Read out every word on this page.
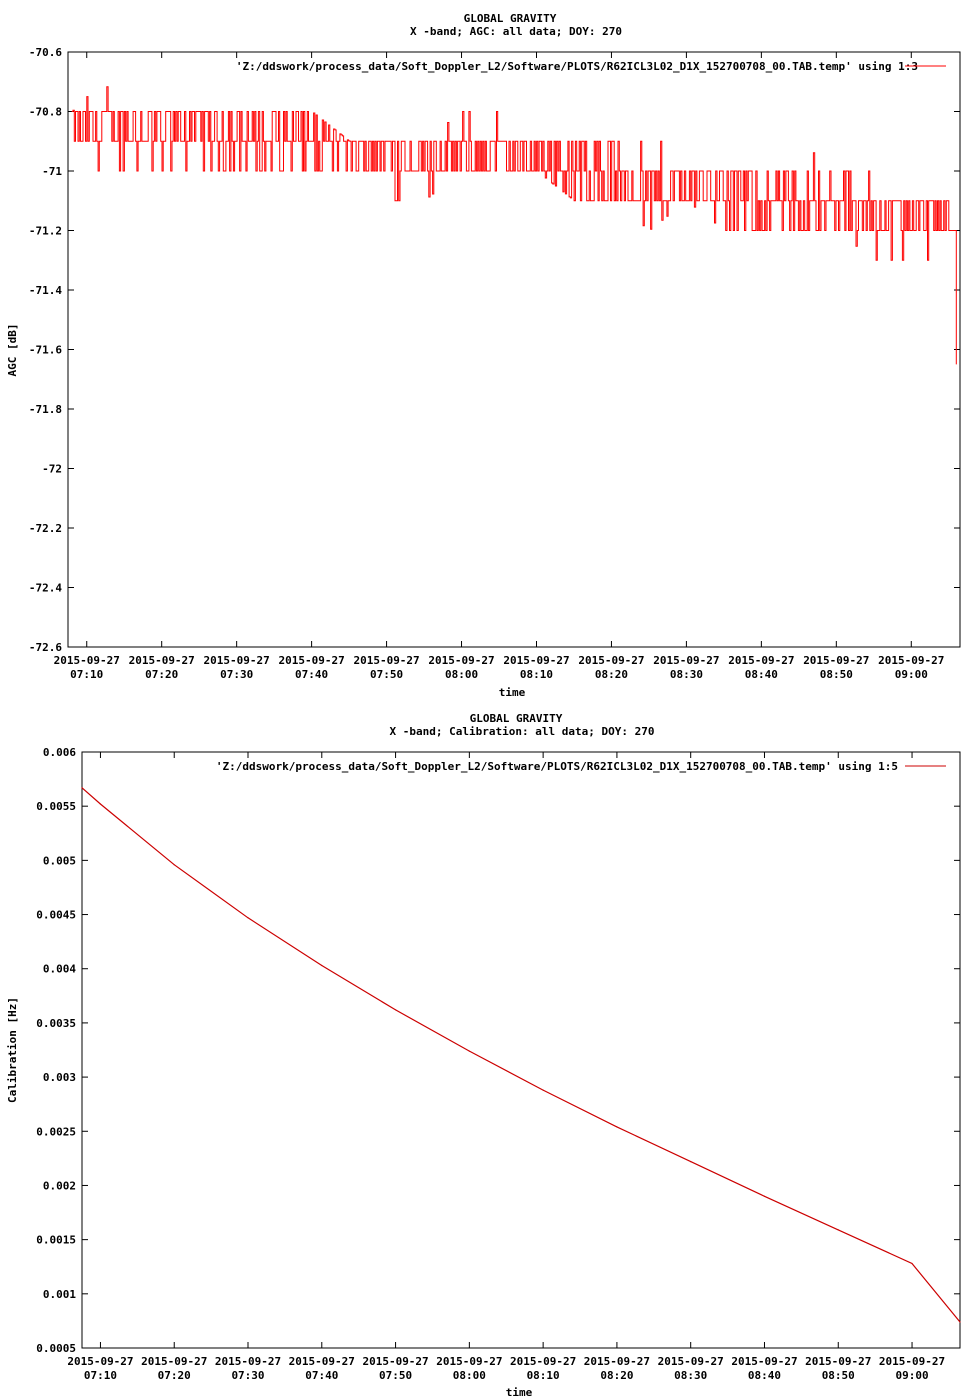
GLOBAL GRAVITY
X -band; AGC: all data; DOY: 270
'Z:/ddswork/process_data/Soft_Doppler_L2/Software/PLOTS/R62ICL3L02_D1X_152700708_00.TAB.temp' using 1:3
-70.6
-70.8
-71
-71.2
-71.4
-71.6
-71.8
-72
-72.2
-72.4
-72.6
2015-09-27
07:10
2015-09-27
07:20
2015-09-27
07:30
2015-09-27
07:40
2015-09-27
07:50
2015-09-27
08:00
2015-09-27
08:10
2015-09-27
08:20
2015-09-27
08:30
2015-09-27
08:40
2015-09-27
08:50
2015-09-27
09:00
time
AGC [dB]
GLOBAL GRAVITY
X -band; Calibration: all data; DOY: 270
'Z:/ddswork/process_data/Soft_Doppler_L2/Software/PLOTS/R62ICL3L02_D1X_152700708_00.TAB.temp' using 1:5
0.006
0.0055
0.005
0.0045
0.004
0.0035
0.003
0.0025
0.002
0.0015
0.001
0.0005
2015-09-27
07:10
2015-09-27
07:20
2015-09-27
07:30
2015-09-27
07:40
2015-09-27
07:50
2015-09-27
08:00
2015-09-27
08:10
2015-09-27
08:20
2015-09-27
08:30
2015-09-27
08:40
2015-09-27
08:50
2015-09-27
09:00
time
Calibration [Hz]
